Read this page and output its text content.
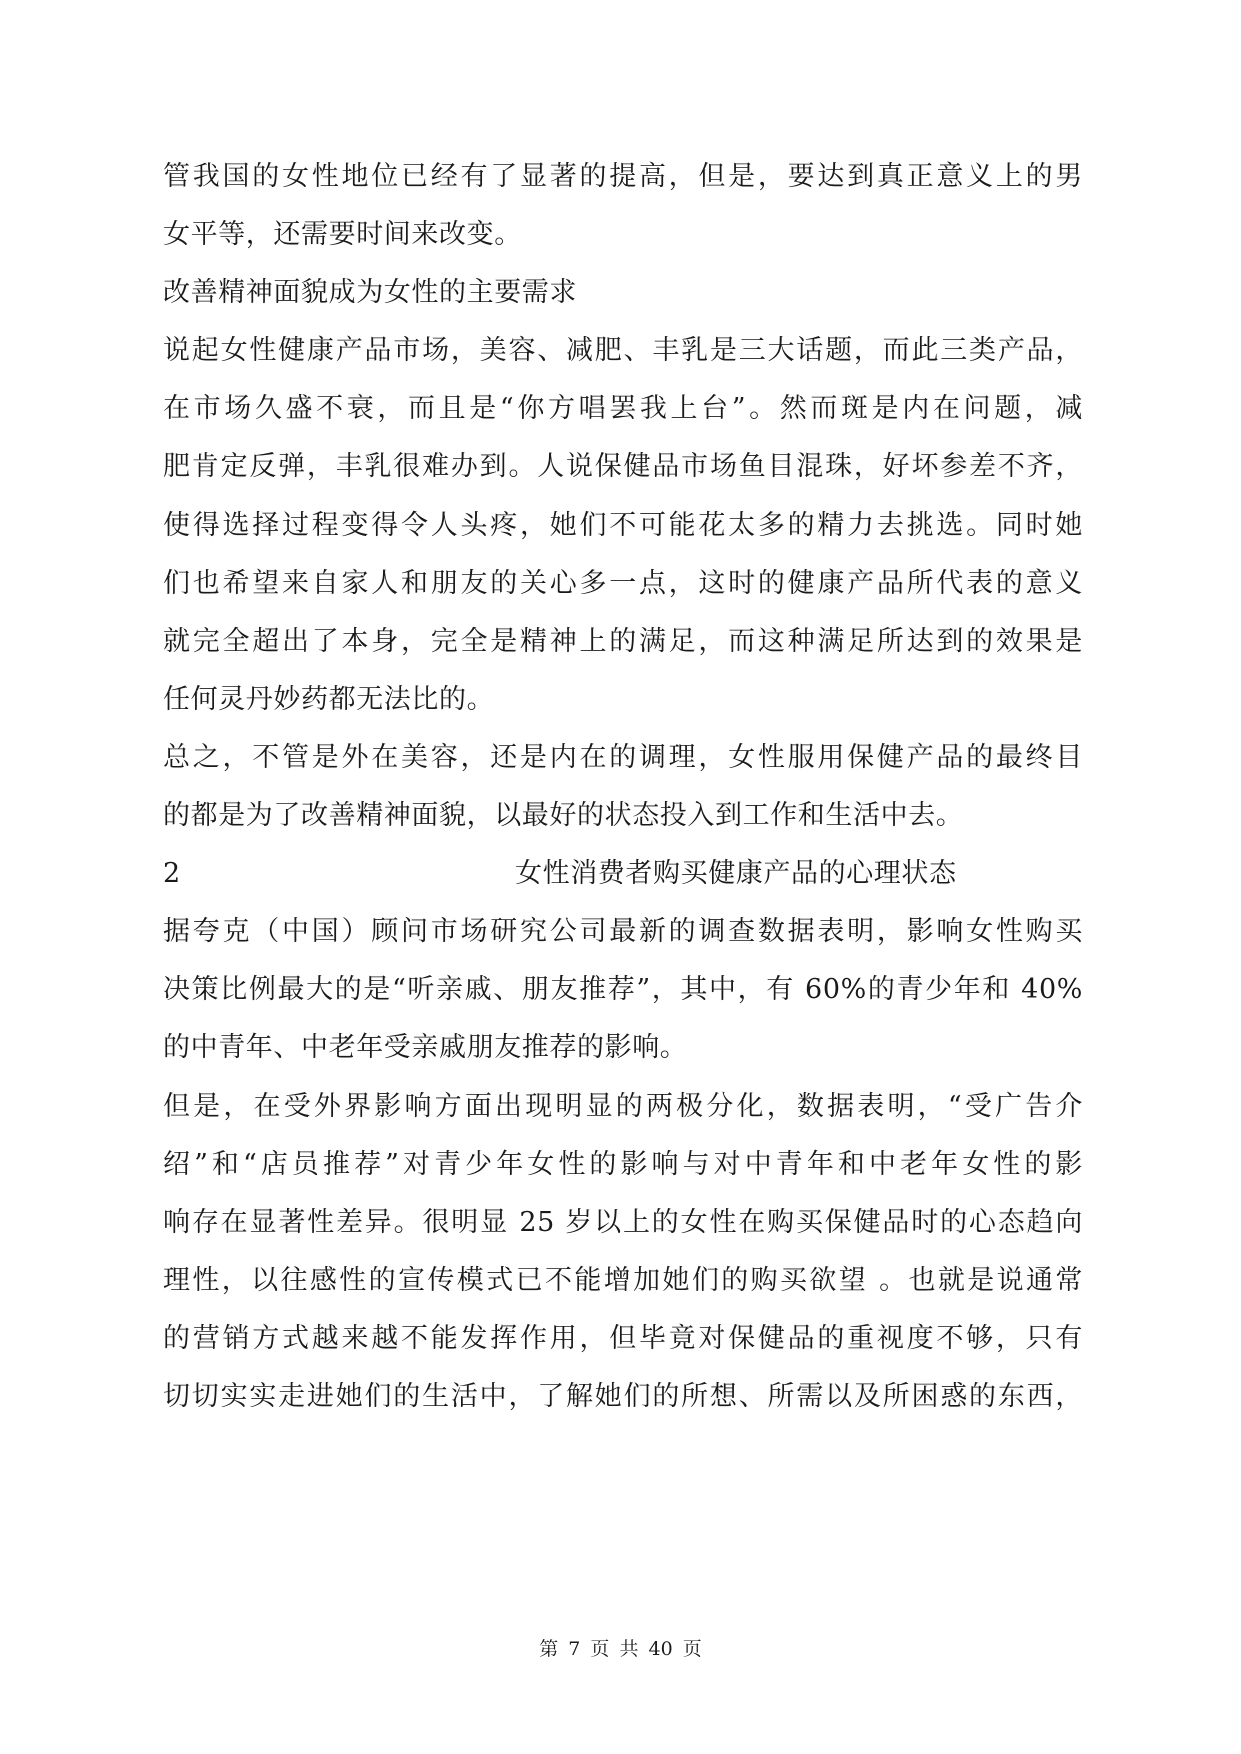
管我国的女性地位已经有了显著的提高，但是，要达到真正意义上的男
女平等，还需要时间来改变。
改善精神面貌成为女性的主要需求
说起女性健康产品市场，美容、减肥、丰乳是三大话题，而此三类产品，
在市场久盛不衰，而且是“你方唱罢我上台”。然而斑是内在问题，减
肥肯定反弹，丰乳很难办到。人说保健品市场鱼目混珠，好坏参差不齐，
使得选择过程变得令人头疼，她们不可能花太多的精力去挑选。同时她
们也希望来自家人和朋友的关心多一点，这时的健康产品所代表的意义
就完全超出了本身，完全是精神上的满足，而这种满足所达到的效果是
任何灵丹妙药都无法比的。
总之，不管是外在美容，还是内在的调理，女性服用保健产品的最终目
的都是为了改善精神面貌，以最好的状态投入到工作和生活中去。
2	女性消费者购买健康产品的心理状态
据夸克（中国）顾问市场研究公司最新的调查数据表明，影响女性购买
决策比例最大的是“听亲戚、朋友推荐”，其中，有 60%的青少年和 40%
的中青年、中老年受亲戚朋友推荐的影响。
但是，在受外界影响方面出现明显的两极分化，数据表明，“受广告介
绍”和“店员推荐”对青少年女性的影响与对中青年和中老年女性的影
响存在显著性差异。很明显 25 岁以上的女性在购买保健品时的心态趋向
理性，以往感性的宣传模式已不能增加她们的购买欲望 。也就是说通常
的营销方式越来越不能发挥作用，但毕竟对保健品的重视度不够，只有
切切实实走进她们的生活中，了解她们的所想、所需以及所困惑的东西，
第 7 页 共 40 页
